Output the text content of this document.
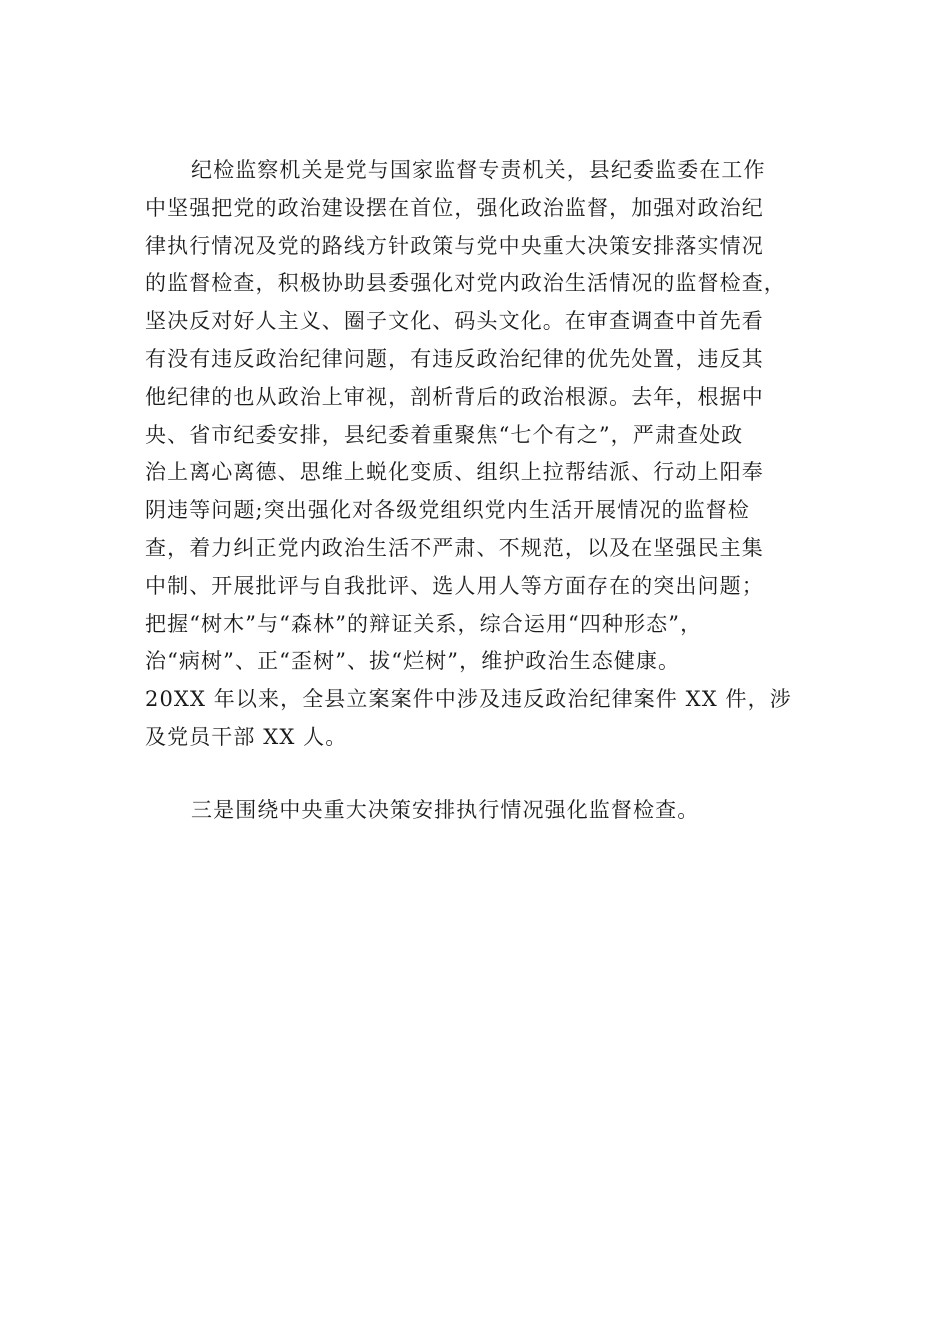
纪检监察机关是党与国家监督专责机关，县纪委监委在工作
中坚强把党的政治建设摆在首位，强化政治监督，加强对政治纪
律执行情况及党的路线方针政策与党中央重大决策安排落实情况
的监督检查，积极协助县委强化对党内政治生活情况的监督检查，
坚决反对好人主义、圈子文化、码头文化。在审查调查中首先看
有没有违反政治纪律问题，有违反政治纪律的优先处置，违反其
他纪律的也从政治上审视，剖析背后的政治根源。去年，根据中
央、省市纪委安排，县纪委着重聚焦“七个有之”，严肃查处政
治上离心离德、思维上蜕化变质、组织上拉帮结派、行动上阳奉
阴违等问题;突出强化对各级党组织党内生活开展情况的监督检
查，着力纠正党内政治生活不严肃、不规范，以及在坚强民主集
中制、开展批评与自我批评、选人用人等方面存在的突出问题；
把握“树木”与“森林”的辩证关系，综合运用“四种形态”，
治“病树”、正“歪树”、拔“烂树”，维护政治生态健康。
20XX 年以来，全县立案案件中涉及违反政治纪律案件 XX 件，涉
及党员干部 XX 人。
三是围绕中央重大决策安排执行情况强化监督检查。
